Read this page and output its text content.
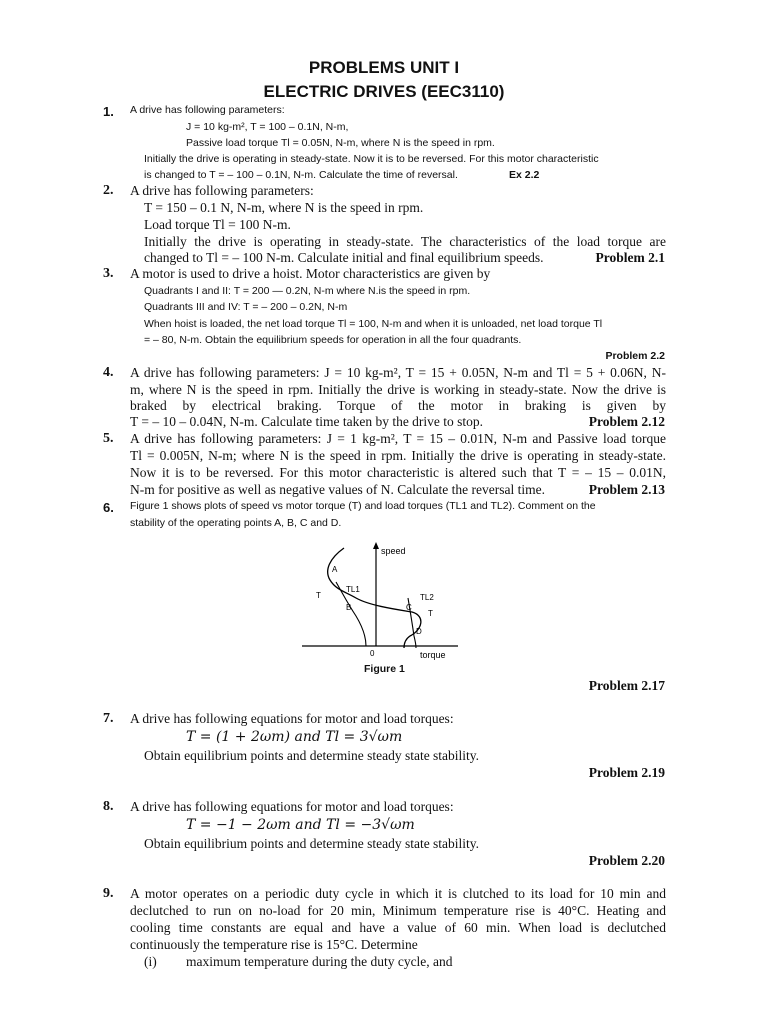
PROBLEMS UNIT I
ELECTRIC DRIVES (EEC3110)
1. A drive has following parameters:
J = 10 kg-m², T = 100 – 0.1N, N-m,
Passive load torque Tl = 0.05N, N-m, where N is the speed in rpm.
Initially the drive is operating in steady-state. Now it is to be reversed. For this motor characteristic
is changed to T = – 100 – 0.1N, N-m. Calculate the time of reversal.	Ex 2.2
2. A drive has following parameters:
T = 150 – 0.1 N, N-m, where N is the speed in rpm.
Load torque Tl = 100 N-m.
Initially the drive is operating in steady-state. The characteristics of the load torque are
changed to Tl = – 100 N-m. Calculate initial and final equilibrium speeds.	Problem 2.1
3. A motor is used to drive a hoist. Motor characteristics are given by
Quadrants I and II: T = 200 — 0.2N, N-m where N.is the speed in rpm.
Quadrants III and IV: T = – 200 – 0.2N, N-m
When hoist is loaded, the net load torque Tl = 100, N-m and when it is unloaded, net load torque Tl
= – 80, N-m. Obtain the equilibrium speeds for operation in all the four quadrants.
Problem 2.2
4. A drive has following parameters: J = 10 kg-m², T = 15 + 0.05N, N-m and Tl = 5 + 0.06N, N-
m, where N is the speed in rpm. Initially the drive is working in steady-state. Now the drive is
braked by electrical braking. Torque of the motor in braking is given by
T = – 10 – 0.04N, N-m. Calculate time taken by the drive to stop.	Problem 2.12
5. A drive has following parameters: J = 1 kg-m², T = 15 – 0.01N, N-m and Passive load torque
Tl = 0.005N, N-m; where N is the speed in rpm. Initially the drive is operating in steady-state.
Now it is to be reversed. For this motor characteristic is altered such that T = – 15 – 0.01N,
N-m for positive as well as negative values of N. Calculate the reversal time.	Problem 2.13
6. Figure 1 shows plots of speed vs motor torque (T) and load torques (TL1 and TL2). Comment on the
stability of the operating points A, B, C and D.
speed
torque
0
A
T
TL1
B	C
TL2
T
D
Figure 1
Problem 2.17
7. A drive has following equations for motor and load torques:
T = (1 + 2ωm) and Tl = 3√ωm
Obtain equilibrium points and determine steady state stability.
Problem 2.19
8. A drive has following equations for motor and load torques:
T = −1 − 2ωm and Tl = −3√ωm
Obtain equilibrium points and determine steady state stability.
Problem 2.20
9. A motor operates on a periodic duty cycle in which it is clutched to its load for 10 min and
declutched to run on no-load for 20 min, Minimum temperature rise is 40°C. Heating and
cooling time constants are equal and have a value of 60 min. When load is declutched
continuously the temperature rise is 15°C. Determine
(i) maximum temperature during the duty cycle, and
